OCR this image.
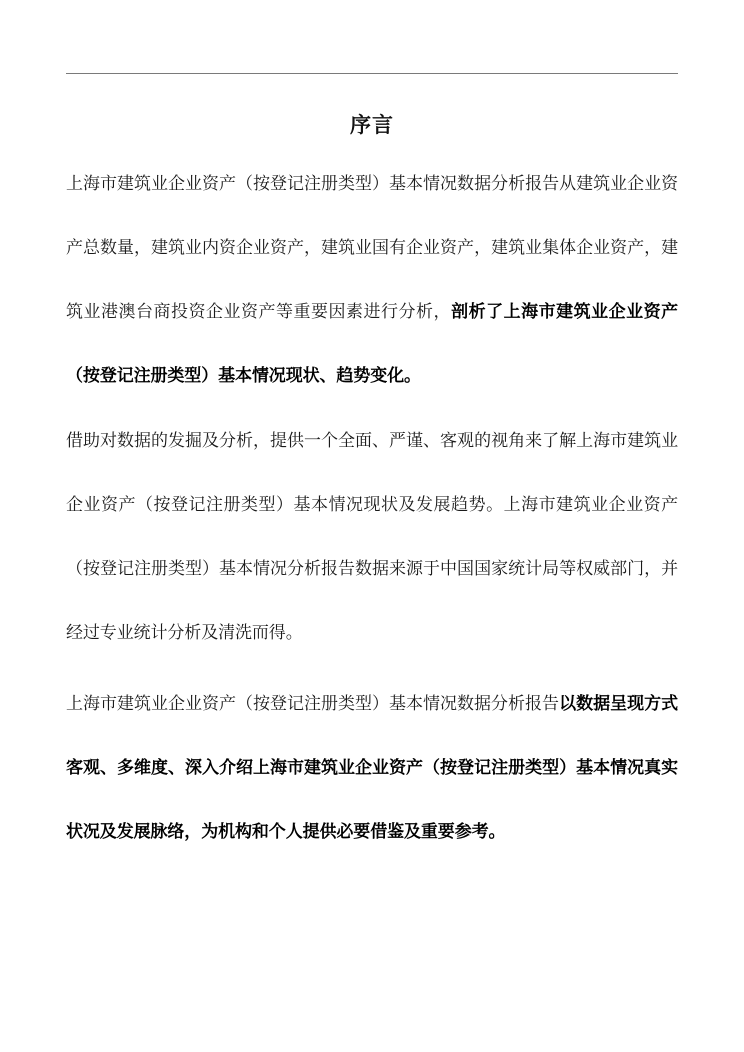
序言

上海市建筑业企业资产（按登记注册类型）基本情况数据分析报告从建筑业企业资产总数量，建筑业内资企业资产，建筑业国有企业资产，建筑业集体企业资产，建筑业港澳台商投资企业资产等重要因素进行分析，剖析了上海市建筑业企业资产（按登记注册类型）基本情况现状、趋势变化。

借助对数据的发掘及分析，提供一个全面、严谨、客观的视角来了解上海市建筑业企业资产（按登记注册类型）基本情况现状及发展趋势。上海市建筑业企业资产（按登记注册类型）基本情况分析报告数据来源于中国国家统计局等权威部门，并经过专业统计分析及清洗而得。

上海市建筑业企业资产（按登记注册类型）基本情况数据分析报告以数据呈现方式客观、多维度、深入介绍上海市建筑业企业资产（按登记注册类型）基本情况真实状况及发展脉络，为机构和个人提供必要借鉴及重要参考。
